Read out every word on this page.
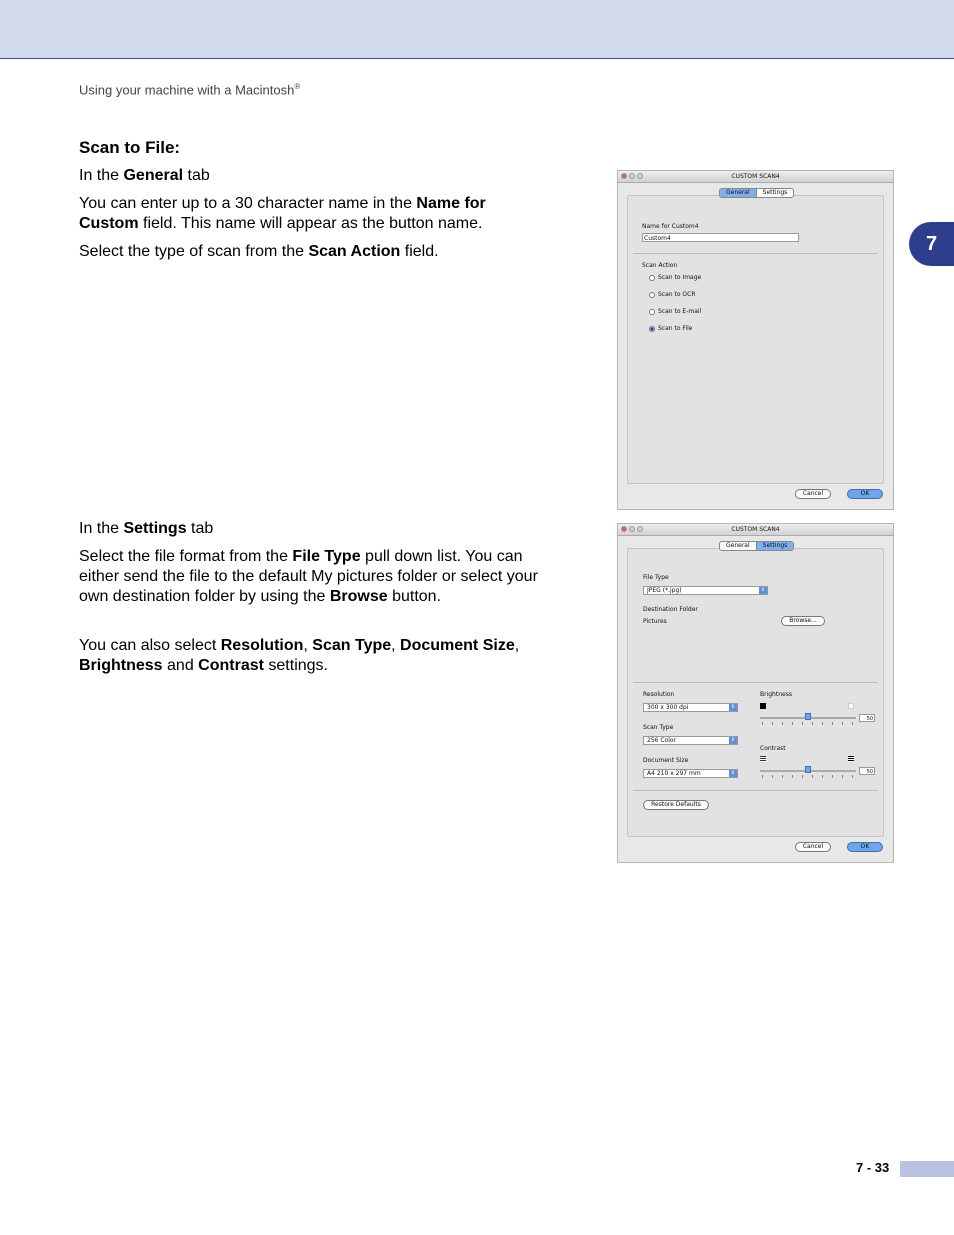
Using your machine with a Macintosh®
7
Scan to File:

In the General tab

You can enter up to a 30 character name in the Name for Custom field. This name will appear as the button name.

Select the type of scan from the Scan Action field.

In the Settings tab

Select the file format from the File Type pull down list. You can either send the file to the default My pictures folder or select your own destination folder by using the Browse button.

You can also select Resolution, Scan Type, Document Size, Brightness and Contrast settings.

CUSTOM SCAN4
Name for Custom4
Custom4
Scan Action
Scan to Image
Scan to OCR
Scan to E-mail
Scan to File
General	Settings
Cancel	OK
CUSTOM SCAN4
File Type
JPEG (*.jpg)	⇕
Destination Folder
Pictures	Browse...
Resolution
300 x 300 dpi	⇕
Scan Type
256 Color	⇕
Document Size
A4 210 x 297 mm	⇕
Brightness
50
Contrast
50
Restore Defaults
General	Settings
Cancel	OK
7 - 33
